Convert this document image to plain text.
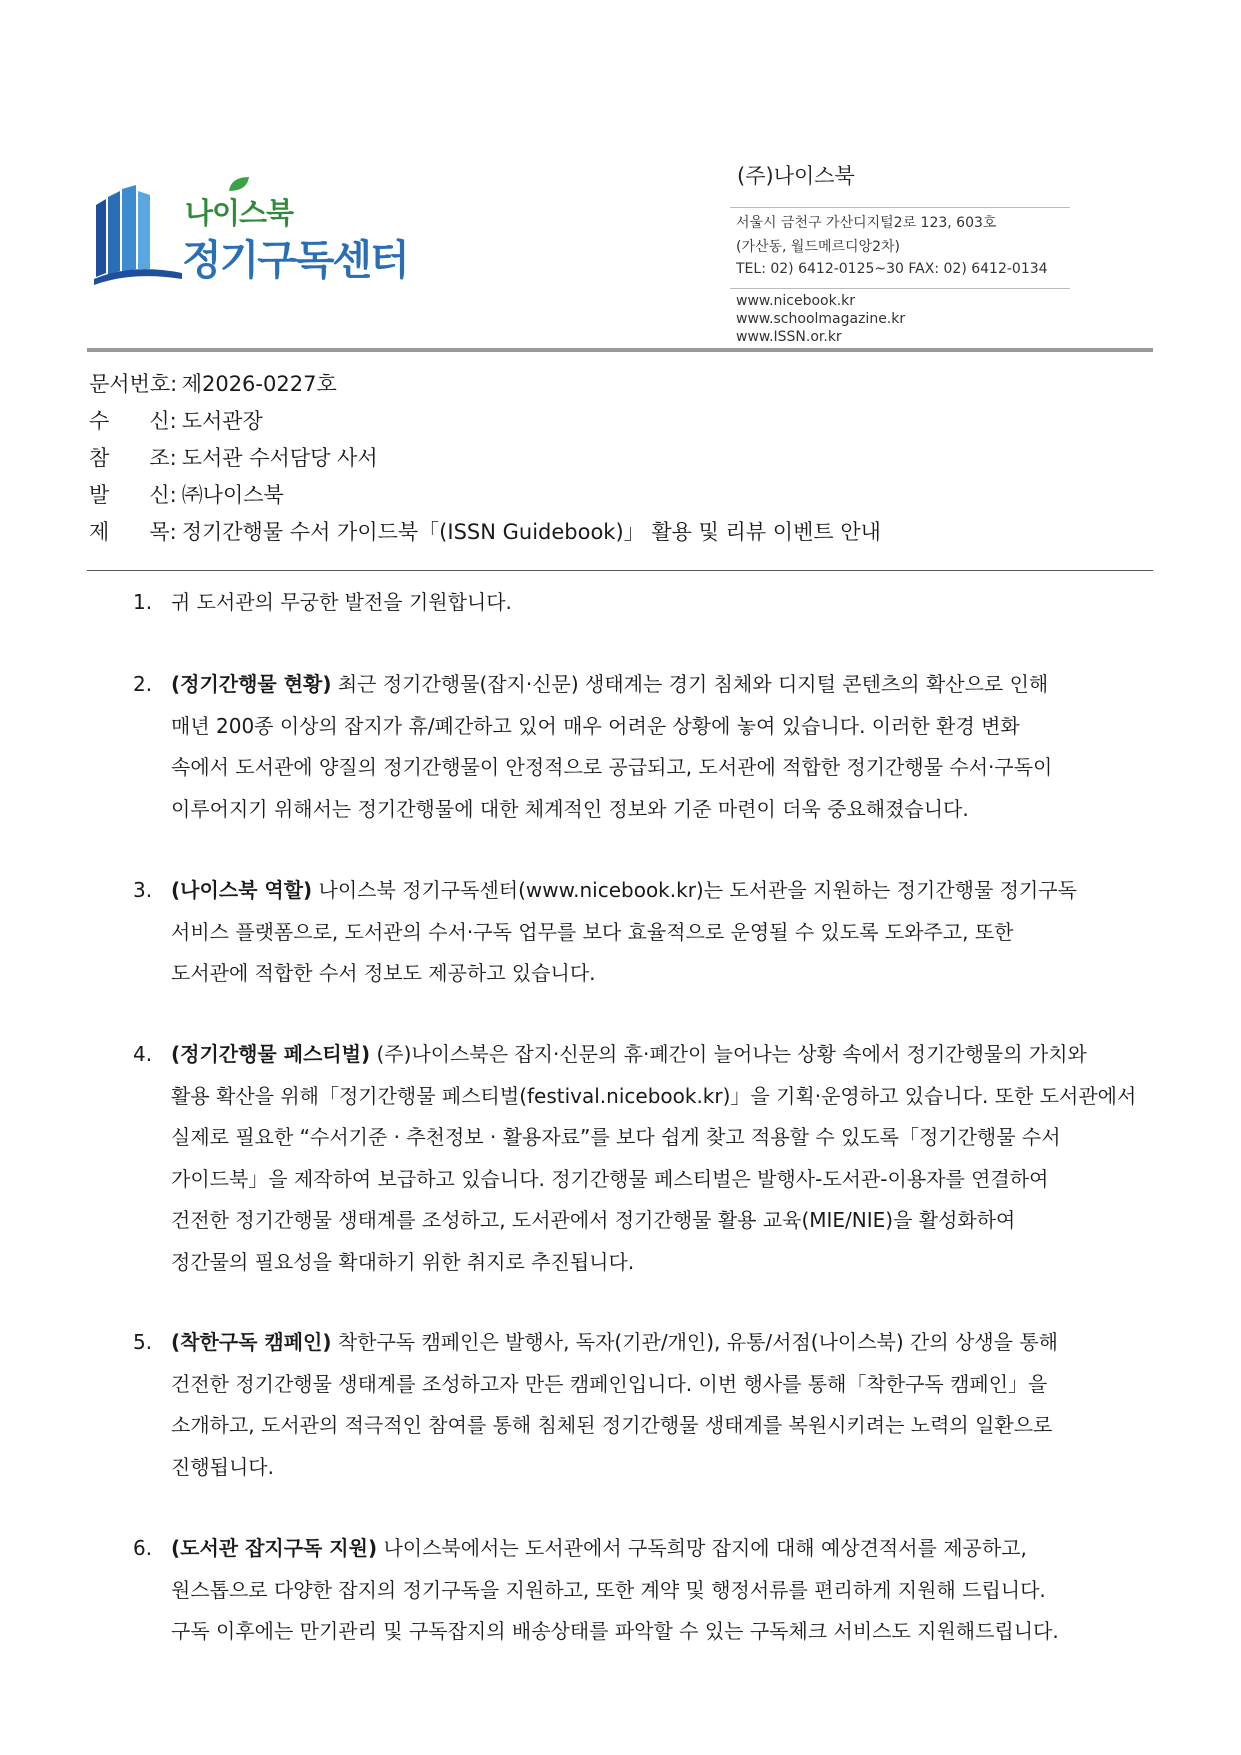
나이스북
정기구독센터
(주)나이스북
서울시 금천구 가산디지털2로 123, 603호
(가산동, 월드메르디앙2차)
TEL: 02) 6412-0125~30 FAX: 02) 6412-0134
www.nicebook.kr
www.schoolmagazine.kr
www.ISSN.or.kr
문서번호: 제2026-0227호
수      신: 도서관장
참      조: 도서관 수서담당 사서
발      신: ㈜나이스북
제      목: 정기간행물 수서 가이드북「(ISSN Guidebook)」 활용 및 리뷰 이벤트 안내
1. 귀 도서관의 무궁한 발전을 기원합니다.
2. (정기간행물 현황) 최근 정기간행물(잡지·신문) 생태계는 경기 침체와 디지털 콘텐츠의 확산으로 인해
매년 200종 이상의 잡지가 휴/폐간하고 있어 매우 어려운 상황에 놓여 있습니다. 이러한 환경 변화
속에서 도서관에 양질의 정기간행물이 안정적으로 공급되고, 도서관에 적합한 정기간행물 수서·구독이
이루어지기 위해서는 정기간행물에 대한 체계적인 정보와 기준 마련이 더욱 중요해졌습니다.
3. (나이스북 역할) 나이스북 정기구독센터(www.nicebook.kr)는 도서관을 지원하는 정기간행물 정기구독
서비스 플랫폼으로, 도서관의 수서·구독 업무를 보다 효율적으로 운영될 수 있도록 도와주고, 또한
도서관에 적합한 수서 정보도 제공하고 있습니다.
4. (정기간행물 페스티벌) (주)나이스북은 잡지·신문의 휴·폐간이 늘어나는 상황 속에서 정기간행물의 가치와
활용 확산을 위해「정기간행물 페스티벌(festival.nicebook.kr)」을 기획·운영하고 있습니다. 또한 도서관에서
실제로 필요한 “수서기준 · 추천정보 · 활용자료”를 보다 쉽게 찾고 적용할 수 있도록「정기간행물 수서
가이드북」을 제작하여 보급하고 있습니다. 정기간행물 페스티벌은 발행사-도서관-이용자를 연결하여
건전한 정기간행물 생태계를 조성하고, 도서관에서 정기간행물 활용 교육(MIE/NIE)을 활성화하여
정간물의 필요성을 확대하기 위한 취지로 추진됩니다.
5. (착한구독 캠페인) 착한구독 캠페인은 발행사, 독자(기관/개인), 유통/서점(나이스북) 간의 상생을 통해
건전한 정기간행물 생태계를 조성하고자 만든 캠페인입니다. 이번 행사를 통해「착한구독 캠페인」을
소개하고, 도서관의 적극적인 참여를 통해 침체된 정기간행물 생태계를 복원시키려는 노력의 일환으로
진행됩니다.
6. (도서관 잡지구독 지원) 나이스북에서는 도서관에서 구독희망 잡지에 대해 예상견적서를 제공하고,
원스톱으로 다양한 잡지의 정기구독을 지원하고, 또한 계약 및 행정서류를 편리하게 지원해 드립니다.
구독 이후에는 만기관리 및 구독잡지의 배송상태를 파악할 수 있는 구독체크 서비스도 지원해드립니다.
